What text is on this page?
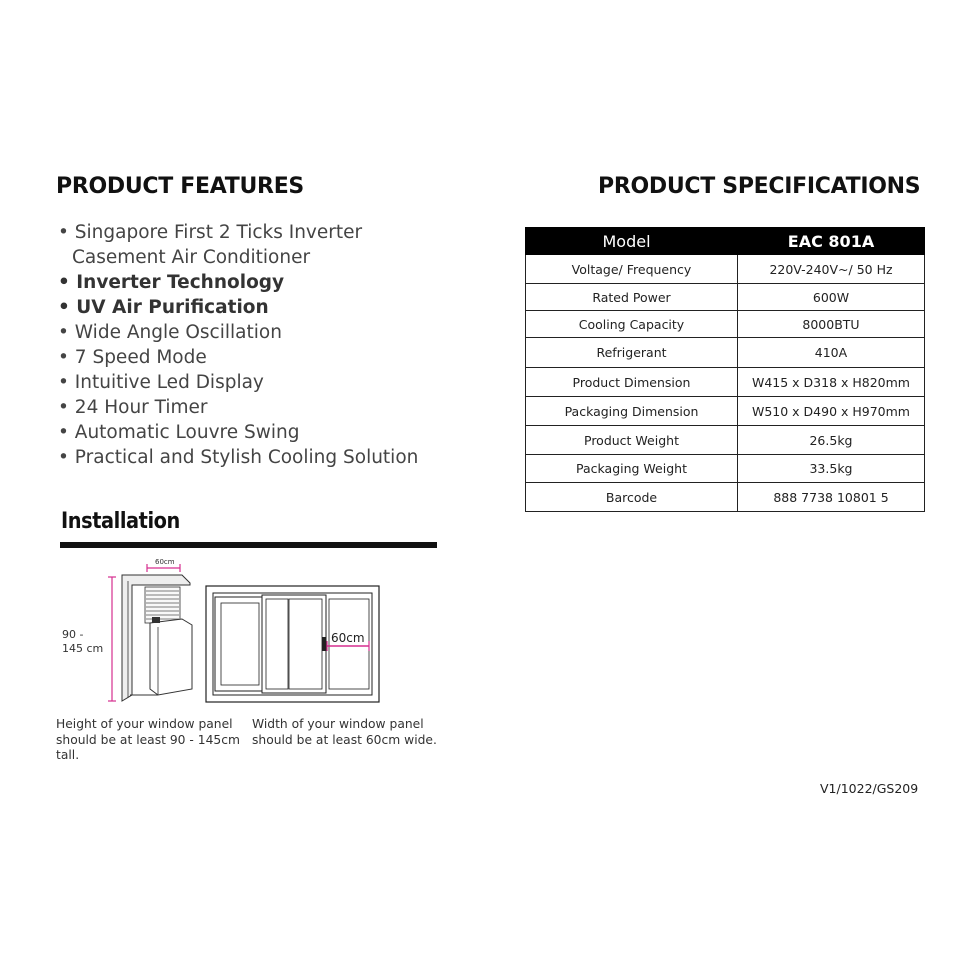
PRODUCT FEATURES
• Singapore First 2 Ticks Inverter
Casement Air Conditioner
• Inverter Technology
• UV Air Purification
• Wide Angle Oscillation
• 7 Speed Mode
• Intuitive Led Display
• 24 Hour Timer
• Automatic Louvre Swing
• Practical and Stylish Cooling Solution
PRODUCT SPECIFICATIONS
Model	EAC 801A
Voltage/ Frequency	220V-240V~/ 50 Hz
Rated Power	600W
Cooling Capacity	8000BTU
Refrigerant	410A
Product Dimension	W415 x D318 x H820mm
Packaging Dimension	W510 x D490 x H970mm
Product Weight	26.5kg
Packaging Weight	33.5kg
Barcode	888 7738 10801 5
Installation
60cm
90 -
145 cm
60cm
Height of your window panel should be at least 90 - 145cm tall.
Width of your window panel should be at least 60cm wide.
V1/1022/GS209
